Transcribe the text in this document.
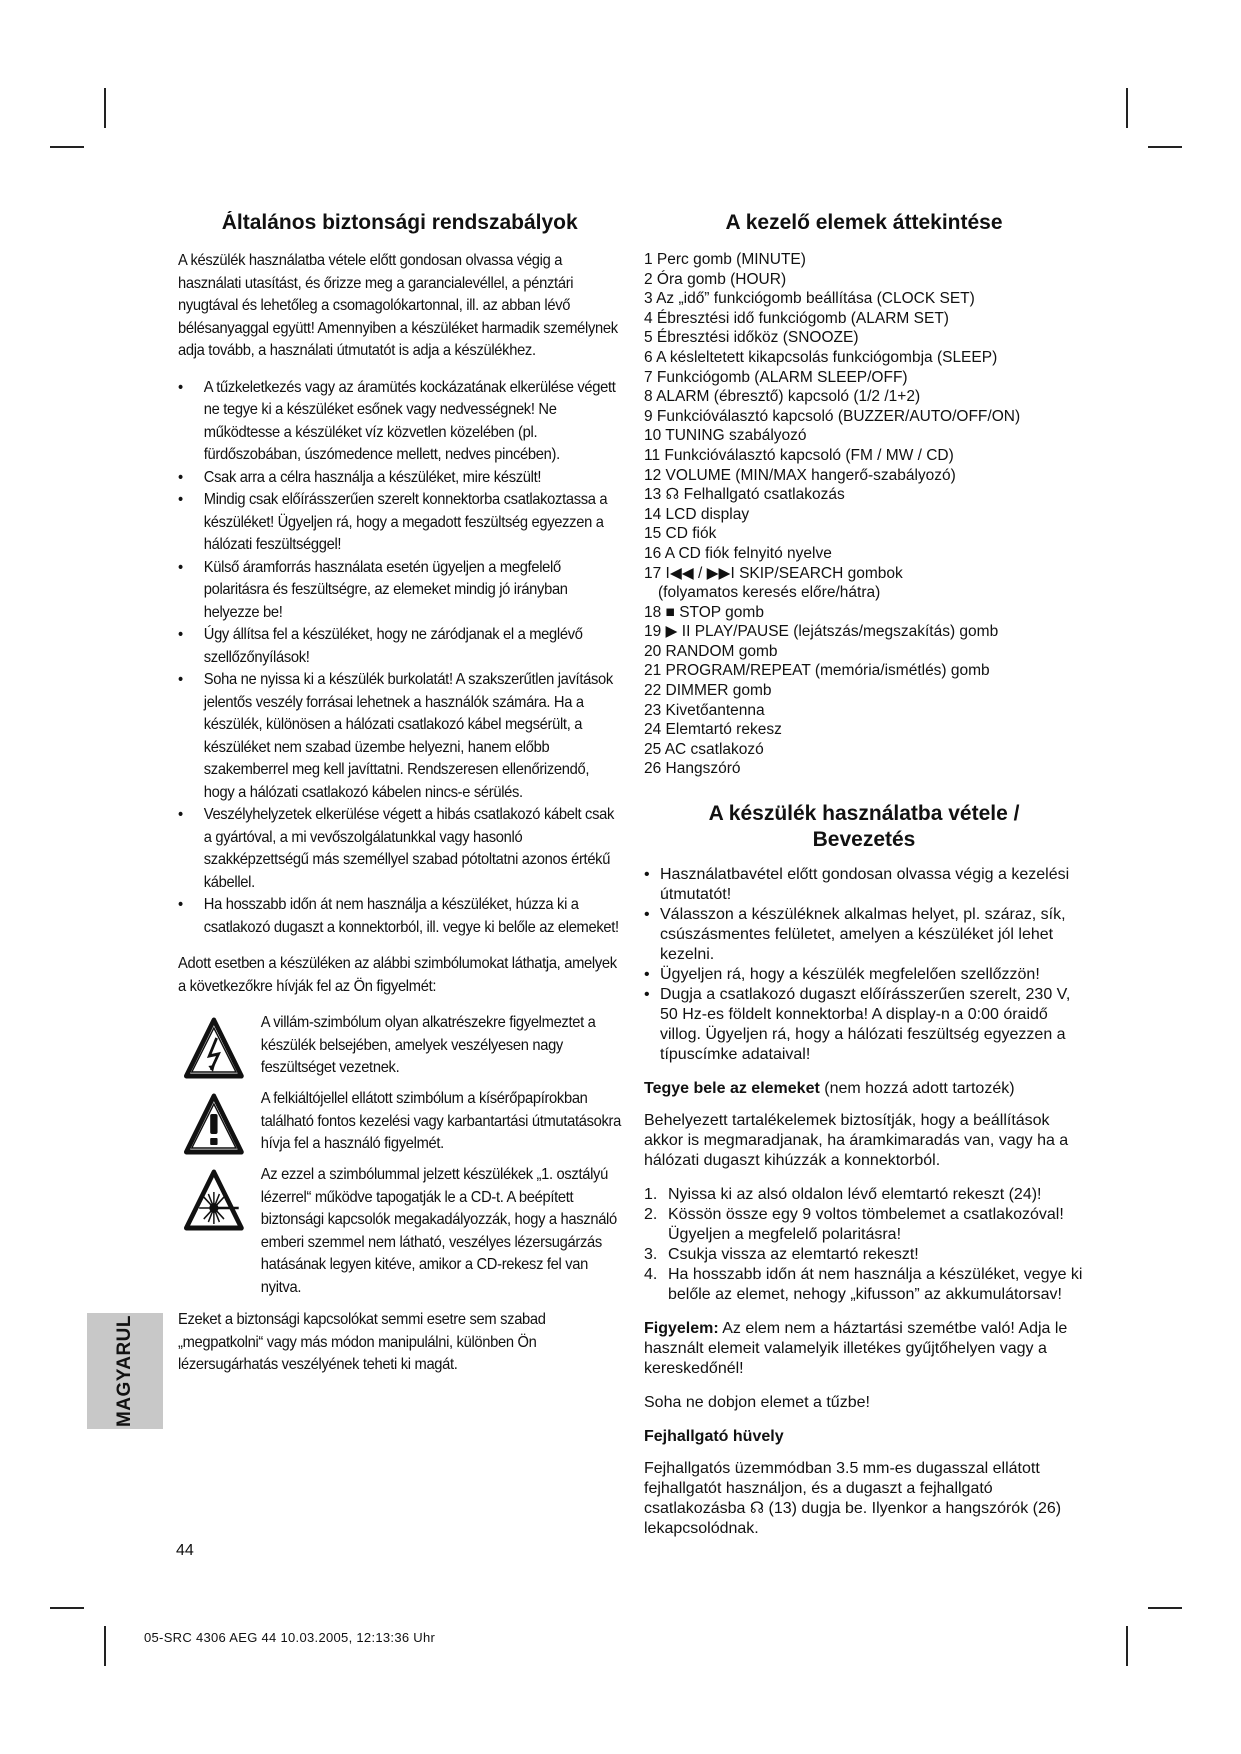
Általános biztonsági rendszabályok

A készülék használatba vétele előtt gondosan olvassa végig a használati utasítást, és őrizze meg a garancialevéllel, a pénztári nyugtával és lehetőleg a csomagolókartonnal, ill. az abban lévő bélésanyaggal együtt! Amennyiben a készüléket harmadik személynek adja tovább, a használati útmutatót is adja a készülékhez.

• A tűzkeletkezés vagy az áramütés kockázatának elkerülése végett ne tegye ki a készüléket esőnek vagy nedvességnek! Ne működtesse a készüléket víz közvetlen közelében (pl. fürdőszobában, úszómedence mellett, nedves pincében).
• Csak arra a célra használja a készüléket, mire készült!
• Mindig csak előírásszerűen szerelt konnektorba csatlakoztassa a készüléket! Ügyeljen rá, hogy a megadott feszültség egyezzen a hálózati feszültséggel!
• Külső áramforrás használata esetén ügyeljen a megfelelő polaritásra és feszültségre, az elemeket mindig jó irányban helyezze be!
• Úgy állítsa fel a készüléket, hogy ne záródjanak el a meglévő szellőzőnyílások!
• Soha ne nyissa ki a készülék burkolatát! A szakszerűtlen javítások jelentős veszély forrásai lehetnek a használók számára. Ha a készülék, különösen a hálózati csatlakozó kábel megsérült, a készüléket nem szabad üzembe helyezni, hanem előbb szakemberrel meg kell javíttatni. Rendszeresen ellenőrizendő, hogy a hálózati csatlakozó kábelen nincs-e sérülés.
• Veszélyhelyzetek elkerülése végett a hibás csatlakozó kábelt csak a gyártóval, a mi vevőszolgálatunkkal vagy hasonló szakképzettségű más személlyel szabad pótoltatni azonos értékű kábellel.
• Ha hosszabb időn át nem használja a készüléket, húzza ki a csatlakozó dugaszt a konnektorból, ill. vegye ki belőle az elemeket!

Adott esetben a készüléken az alábbi szimbólumokat láthatja, amelyek a következőkre hívják fel az Ön figyelmét:

A villám-szimbólum olyan alkatrészekre figyelmeztet a készülék belsejében, amelyek veszélyesen nagy feszültséget vezetnek.
A felkiáltójellel ellátott szimbólum a kísérőpapírokban található fontos kezelési vagy karbantartási útmutatásokra hívja fel a használó figyelmét.
Az ezzel a szimbólummal jelzett készülékek „1. osztályú lézerrel“ működve tapogatják le a CD-t. A beépített biztonsági kapcsolók megakadályozzák, hogy a használó emberi szemmel nem látható, veszélyes lézersugárzás hatásának legyen kitéve, amikor a CD-rekesz fel van nyitva.

Ezeket a biztonsági kapcsolókat semmi esetre sem szabad „megpatkolni“ vagy más módon manipulálni, különben Ön lézersugárhatás veszélyének teheti ki magát.

A kezelő elemek áttekintése
1 Perc gomb (MINUTE)
2 Óra gomb (HOUR)
3 Az „idő” funkciógomb beállítása (CLOCK SET)
4 Ébresztési idő funkciógomb (ALARM SET)
5 Ébresztési időköz (SNOOZE)
6 A késleltetett kikapcsolás funkciógombja (SLEEP)
7 Funkciógomb (ALARM SLEEP/OFF)
8 ALARM (ébresztő) kapcsoló (1/2 /1+2)
9 Funkcióválasztó kapcsoló (BUZZER/AUTO/OFF/ON)
10 TUNING szabályozó
11 Funkcióválasztó kapcsoló (FM / MW / CD)
12 VOLUME (MIN/MAX hangerő-szabályozó)
13 ☊ Felhallgató csatlakozás
14 LCD display
15 CD fiók
16 A CD fiók felnyitó nyelve
17 I◀◀ / ▶▶I SKIP/SEARCH gombok
(folyamatos keresés előre/hátra)
18 ■ STOP gomb
19 ▶ II PLAY/PAUSE (lejátszás/megszakítás) gomb
20 RANDOM gomb
21 PROGRAM/REPEAT (memória/ismétlés) gomb
22 DIMMER gomb
23 Kivetőantenna
24 Elemtartó rekesz
25 AC csatlakozó
26 Hangszóró
A készülék használatba vétele /
Bevezetés
• Használatbavétel előtt gondosan olvassa végig a kezelési útmutatót!
• Válasszon a készüléknek alkalmas helyet, pl. száraz, sík, csúszásmentes felületet, amelyen a készüléket jól lehet kezelni.
• Ügyeljen rá, hogy a készülék megfelelően szellőzzön!
• Dugja a csatlakozó dugaszt előírásszerűen szerelt, 230 V, 50 Hz-es földelt konnektorba! A display-n a 0:00 óraidő villog. Ügyeljen rá, hogy a hálózati feszültség egyezzen a típuscímke adataival!

Tegye bele az elemeket (nem hozzá adott tartozék)

Behelyezett tartalékelemek biztosítják, hogy a beállítások akkor is megmaradjanak, ha áramkimaradás van, vagy ha a hálózati dugaszt kihúzzák a konnektorból.

1. Nyissa ki az alsó oldalon lévő elemtartó rekeszt (24)!
2. Kössön össze egy 9 voltos tömbelemet a csatlakozóval! Ügyeljen a megfelelő polaritásra!
3. Csukja vissza az elemtartó rekeszt!
4. Ha hosszabb időn át nem használja a készüléket, vegye ki belőle az elemet, nehogy „kifusson” az akkumulátorsav!

Figyelem: Az elem nem a háztartási szemétbe való! Adja le használt elemeit valamelyik illetékes gyűjtőhelyen vagy a kereskedőnél!

Soha ne dobjon elemet a tűzbe!

Fejhallgató hüvely

Fejhallgatós üzemmódban 3.5 mm-es dugasszal ellátott fejhallgatót használjon, és a dugaszt a fejhallgató csatlakozásba ☊ (13) dugja be. Ilyenkor a hangszórók (26) lekapcsolódnak.

MAGYARUL
44
05-SRC 4306 AEG 44 10.03.2005, 12:13:36 Uhr
